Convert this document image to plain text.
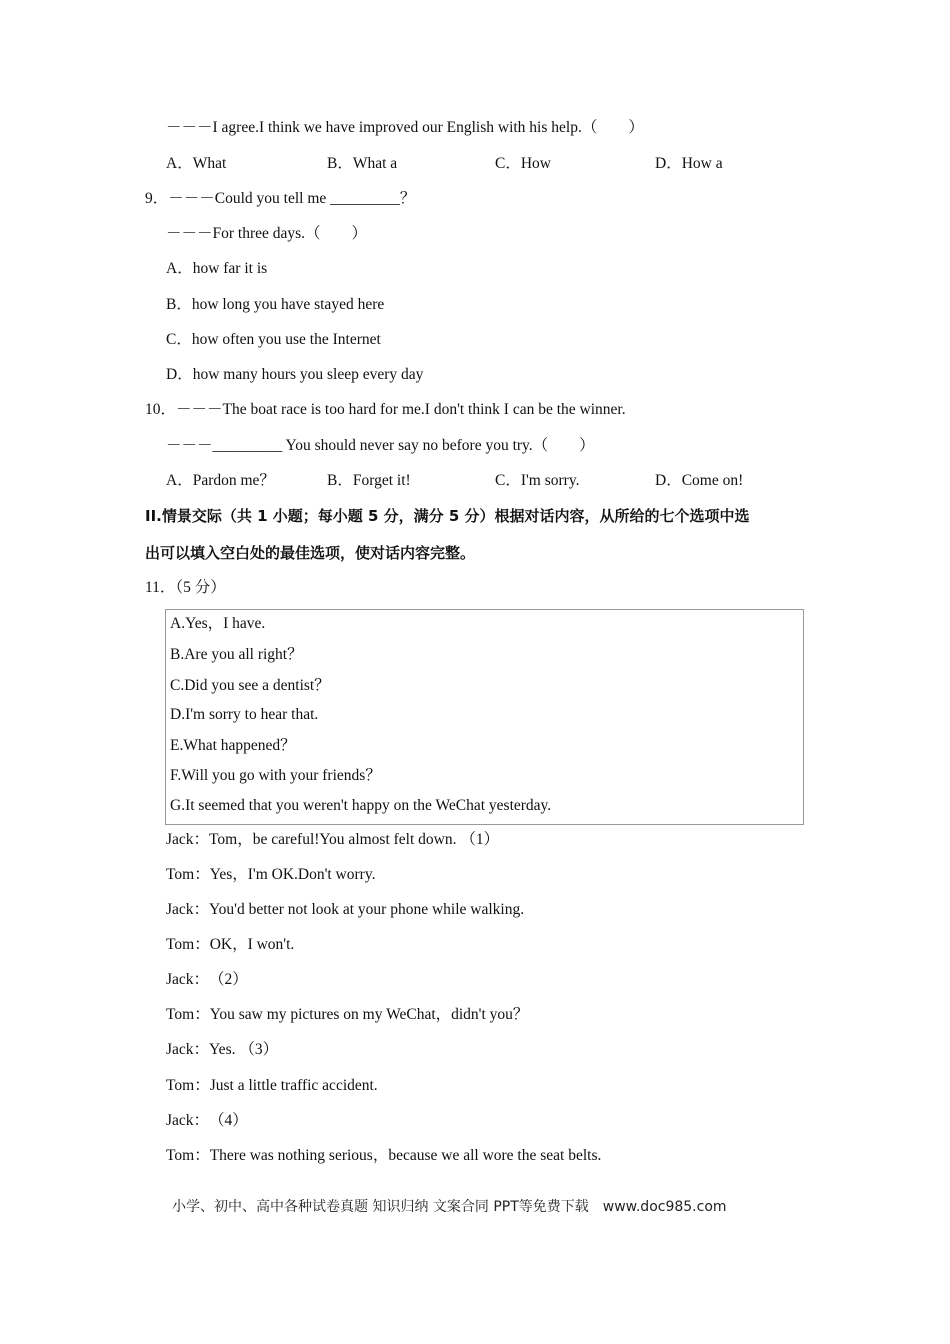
－－－I agree.I think we have improved our English with his help.（　　）
A．What	B．What a	C．How	D．How a
9．－－－Could you tell me _________？
－－－For three days.（　　）
A．how far it is
B．how long you have stayed here
C．how often you use the Internet
D．how many hours you sleep every day
10．－－－The boat race is too hard for me.I don't think I can be the winner.
－－－_________ You should never say no before you try.（　　）
A．Pardon me？	B．Forget it!	C．I'm sorry.	D．Come on!
II.情景交际（共 1 小题；每小题 5 分，满分 5 分）根据对话内容，从所给的七个选项中选
出可以填入空白处的最佳选项，使对话内容完整。
11．（5 分）
A.Yes，I have.
B.Are you all right？
C.Did you see a dentist？
D.I'm sorry to hear that.
E.What happened？
F.Will you go with your friends？
G.It seemed that you weren't happy on the WeChat yesterday.
Jack：Tom，be careful!You almost felt down. （1）
Tom：Yes，I'm OK.Don't worry.
Jack：You'd better not look at your phone while walking.
Tom：OK，I won't.
Jack：　（2）
Tom：You saw my pictures on my WeChat，didn't you？
Jack：Yes. （3）
Tom：Just a little traffic accident.
Jack：　（4）
Tom：There was nothing serious，because we all wore the seat belts.
小学、初中、高中各种试卷真题 知识归纳 文案合同 PPT等免费下载　www.doc985.com
